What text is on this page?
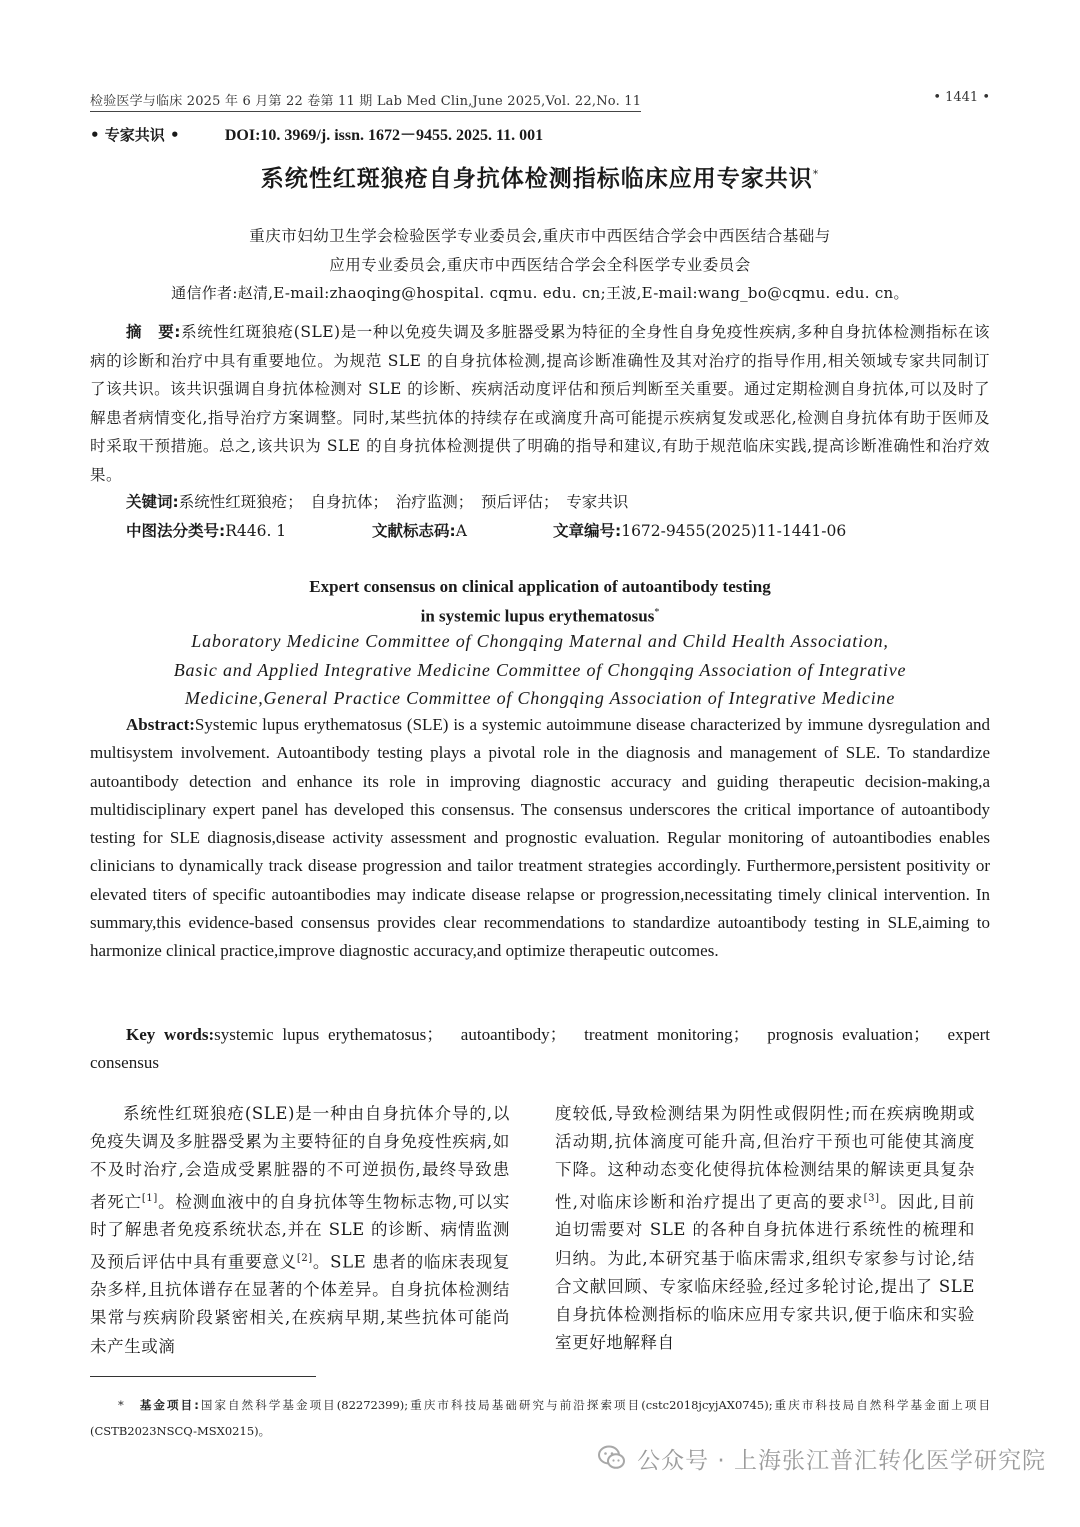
检验医学与临床 2025 年 6 月第 22 卷第 11 期 Lab Med Clin,June 2025,Vol. 22,No. 11	• 1441 •
• 专家共识 •	DOI:10. 3969/j. issn. 1672－9455. 2025. 11. 001
系统性红斑狼疮自身抗体检测指标临床应用专家共识*
重庆市妇幼卫生学会检验医学专业委员会,重庆市中西医结合学会中西医结合基础与
应用专业委员会,重庆市中西医结合学会全科医学专业委员会
通信作者:赵清,E-mail:zhaoqing@hospital. cqmu. edu. cn;王波,E-mail:wang_bo@cqmu. edu. cn。
摘　要:系统性红斑狼疮(SLE)是一种以免疫失调及多脏器受累为特征的全身性自身免疫性疾病,多种自身抗体检测指标在该病的诊断和治疗中具有重要地位。为规范 SLE 的自身抗体检测,提高诊断准确性及其对治疗的指导作用,相关领域专家共同制订了该共识。该共识强调自身抗体检测对 SLE 的诊断、疾病活动度评估和预后判断至关重要。通过定期检测自身抗体,可以及时了解患者病情变化,指导治疗方案调整。同时,某些抗体的持续存在或滴度升高可能提示疾病复发或恶化,检测自身抗体有助于医师及时采取干预措施。总之,该共识为 SLE 的自身抗体检测提供了明确的指导和建议,有助于规范临床实践,提高诊断准确性和治疗效果。
关键词:系统性红斑狼疮；　自身抗体；　治疗监测；　预后评估；　专家共识
中图法分类号:R446. 1	文献标志码:A	文章编号:1672-9455(2025)11-1441-06
Expert consensus on clinical application of autoantibody testing
in systemic lupus erythematosus*
Laboratory Medicine Committee of Chongqing Maternal and Child Health Association,
Basic and Applied Integrative Medicine Committee of Chongqing Association of Integrative
Medicine,General Practice Committee of Chongqing Association of Integrative Medicine
Abstract:Systemic lupus erythematosus (SLE) is a systemic autoimmune disease characterized by immune dysregulation and multisystem involvement. Autoantibody testing plays a pivotal role in the diagnosis and management of SLE. To standardize autoantibody detection and enhance its role in improving diagnostic accuracy and guiding therapeutic decision-making,a multidisciplinary expert panel has developed this consensus. The consensus underscores the critical importance of autoantibody testing for SLE diagnosis,disease activity assessment and prognostic evaluation. Regular monitoring of autoantibodies enables clinicians to dynamically track disease progression and tailor treatment strategies accordingly. Furthermore,persistent positivity or elevated titers of specific autoantibodies may indicate disease relapse or progression,necessitating timely clinical intervention. In summary,this evidence-based consensus provides clear recommendations to standardize autoantibody testing in SLE,aiming to harmonize clinical practice,improve diagnostic accuracy,and optimize therapeutic outcomes.
Key words:systemic lupus erythematosus；　autoantibody；　treatment monitoring；　prognosis evaluation；　expert consensus

系统性红斑狼疮(SLE)是一种由自身抗体介导的,以免疫失调及多脏器受累为主要特征的自身免疫性疾病,如不及时治疗,会造成受累脏器的不可逆损伤,最终导致患者死亡[1]。检测血液中的自身抗体等生物标志物,可以实时了解患者免疫系统状态,并在 SLE 的诊断、病情监测及预后评估中具有重要意义[2]。SLE 患者的临床表现复杂多样,且抗体谱存在显著的个体差异。自身抗体检测结果常与疾病阶段紧密相关,在疾病早期,某些抗体可能尚未产生或滴

度较低,导致检测结果为阴性或假阴性;而在疾病晚期或活动期,抗体滴度可能升高,但治疗干预也可能使其滴度下降。这种动态变化使得抗体检测结果的解读更具复杂性,对临床诊断和治疗提出了更高的要求[3]。因此,目前迫切需要对 SLE 的各种自身抗体进行系统性的梳理和归纳。为此,本研究基于临床需求,组织专家参与讨论,结合文献回顾、专家临床经验,经过多轮讨论,提出了 SLE 自身抗体检测指标的临床应用专家共识,便于临床和实验室更好地解释自

* 基金项目:国家自然科学基金项目(82272399);重庆市科技局基础研究与前沿探索项目(cstc2018jcyjAX0745);重庆市科技局自然科学基金面上项目(CSTB2023NSCQ-MSX0215)。
公众号 · 上海张江普汇转化医学研究院
